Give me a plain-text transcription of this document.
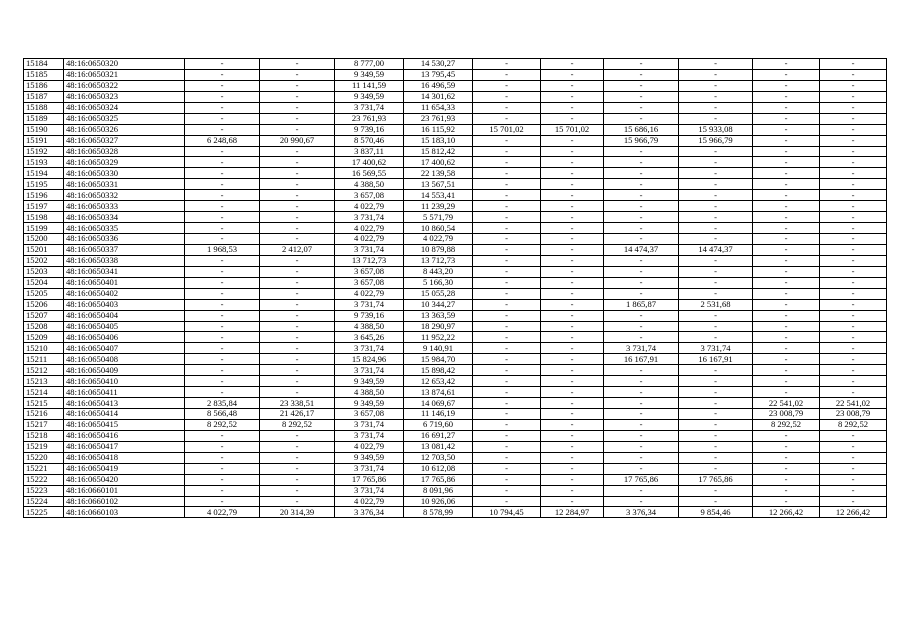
15184	48:16:0650320	-	-	8 777,00	14 530,27	-	-	-	-	-	-
15185	48:16:0650321	-	-	9 349,59	13 795,45	-	-	-	-	-	-
15186	48:16:0650322	-	-	11 141,59	16 496,59	-	-	-	-	-	-
15187	48:16:0650323	-	-	9 349,59	14 301,62	-	-	-	-	-	-
15188	48:16:0650324	-	-	3 731,74	11 654,33	-	-	-	-	-	-
15189	48:16:0650325	-	-	23 761,93	23 761,93	-	-	-	-	-	-
15190	48:16:0650326	-	-	9 739,16	16 115,92	15 701,02	15 701,02	15 686,16	15 933,08	-	-
15191	48:16:0650327	6 248,68	20 990,67	8 570,46	15 183,10	-	-	15 966,79	15 966,79	-	-
15192	48:16:0650328	-	-	3 837,11	15 812,42	-	-	-	-	-	-
15193	48:16:0650329	-	-	17 400,62	17 400,62	-	-	-	-	-	-
15194	48:16:0650330	-	-	16 569,55	22 139,58	-	-	-	-	-	-
15195	48:16:0650331	-	-	4 388,50	13 567,51	-	-	-	-	-	-
15196	48:16:0650332	-	-	3 657,08	14 553,41	-	-	-	-	-	-
15197	48:16:0650333	-	-	4 022,79	11 239,29	-	-	-	-	-	-
15198	48:16:0650334	-	-	3 731,74	5 571,79	-	-	-	-	-	-
15199	48:16:0650335	-	-	4 022,79	10 860,54	-	-	-	-	-	-
15200	48:16:0650336	-	-	4 022,79	4 022,79	-	-	-	-	-	-
15201	48:16:0650337	1 968,53	2 412,07	3 731,74	10 879,88	-	-	14 474,37	14 474,37	-	-
15202	48:16:0650338	-	-	13 712,73	13 712,73	-	-	-	-	-	-
15203	48:16:0650341	-	-	3 657,08	8 443,20	-	-	-	-	-	-
15204	48:16:0650401	-	-	3 657,08	5 166,30	-	-	-	-	-	-
15205	48:16:0650402	-	-	4 022,79	15 055,28	-	-	-	-	-	-
15206	48:16:0650403	-	-	3 731,74	10 344,27	-	-	1 865,87	2 531,68	-	-
15207	48:16:0650404	-	-	9 739,16	13 363,59	-	-	-	-	-	-
15208	48:16:0650405	-	-	4 388,50	18 290,97	-	-	-	-	-	-
15209	48:16:0650406	-	-	3 645,26	11 952,22	-	-	-	-	-	-
15210	48:16:0650407	-	-	3 731,74	9 140,91	-	-	3 731,74	3 731,74	-	-
15211	48:16:0650408	-	-	15 824,96	15 984,70	-	-	16 167,91	16 167,91	-	-
15212	48:16:0650409	-	-	3 731,74	15 898,42	-	-	-	-	-	-
15213	48:16:0650410	-	-	9 349,59	12 653,42	-	-	-	-	-	-
15214	48:16:0650411	-	-	4 388,50	13 874,61	-	-	-	-	-	-
15215	48:16:0650413	2 835,84	23 338,51	9 349,59	14 069,67	-	-	-	-	22 541,02	22 541,02
15216	48:16:0650414	8 566,48	21 426,17	3 657,08	11 146,19	-	-	-	-	23 008,79	23 008,79
15217	48:16:0650415	8 292,52	8 292,52	3 731,74	6 719,60	-	-	-	-	8 292,52	8 292,52
15218	48:16:0650416	-	-	3 731,74	16 691,27	-	-	-	-	-	-
15219	48:16:0650417	-	-	4 022,79	13 081,42	-	-	-	-	-	-
15220	48:16:0650418	-	-	9 349,59	12 703,50	-	-	-	-	-	-
15221	48:16:0650419	-	-	3 731,74	10 612,08	-	-	-	-	-	-
15222	48:16:0650420	-	-	17 765,86	17 765,86	-	-	17 765,86	17 765,86	-	-
15223	48:16:0660101	-	-	3 731,74	8 091,96	-	-	-	-	-	-
15224	48:16:0660102	-	-	4 022,79	10 926,06	-	-	-	-	-	-
15225	48:16:0660103	4 022,79	20 314,39	3 376,34	8 578,99	10 794,45	12 284,97	3 376,34	9 854,46	12 266,42	12 266,42
